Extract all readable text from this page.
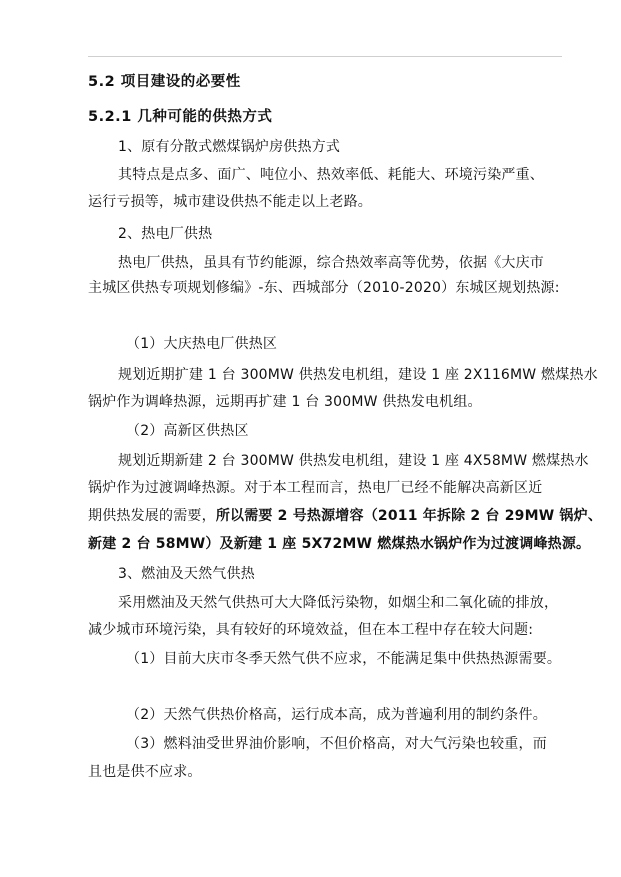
5.2 项目建设的必要性
5.2.1 几种可能的供热方式
1、原有分散式燃煤锅炉房供热方式
其特点是点多、面广、吨位小、热效率低、耗能大、环境污染严重、
运行亏损等，城市建设供热不能走以上老路。
2、热电厂供热
热电厂供热，虽具有节约能源，综合热效率高等优势，依据《大庆市
主城区供热专项规划修编》-东、西城部分（2010-2020）东城区规划热源:
（1）大庆热电厂供热区
规划近期扩建 1 台 300MW 供热发电机组，建设 1 座 2X116MW 燃煤热水
锅炉作为调峰热源，远期再扩建 1 台 300MW 供热发电机组。
（2）高新区供热区
规划近期新建 2 台 300MW 供热发电机组，建设 1 座 4X58MW 燃煤热水
锅炉作为过渡调峰热源。对于本工程而言，热电厂已经不能解决高新区近
期供热发展的需要，所以需要 2 号热源增容（2011 年拆除 2 台 29MW 锅炉、
新建 2 台 58MW）及新建 1 座 5X72MW 燃煤热水锅炉作为过渡调峰热源。
3、燃油及天然气供热
采用燃油及天然气供热可大大降低污染物，如烟尘和二氧化硫的排放，
减少城市环境污染，具有较好的环境效益，但在本工程中存在较大问题:
（1）目前大庆市冬季天然气供不应求，不能满足集中供热热源需要。
（2）天然气供热价格高，运行成本高，成为普遍利用的制约条件。
（3）燃料油受世界油价影响，不但价格高，对大气污染也较重，而
且也是供不应求。
